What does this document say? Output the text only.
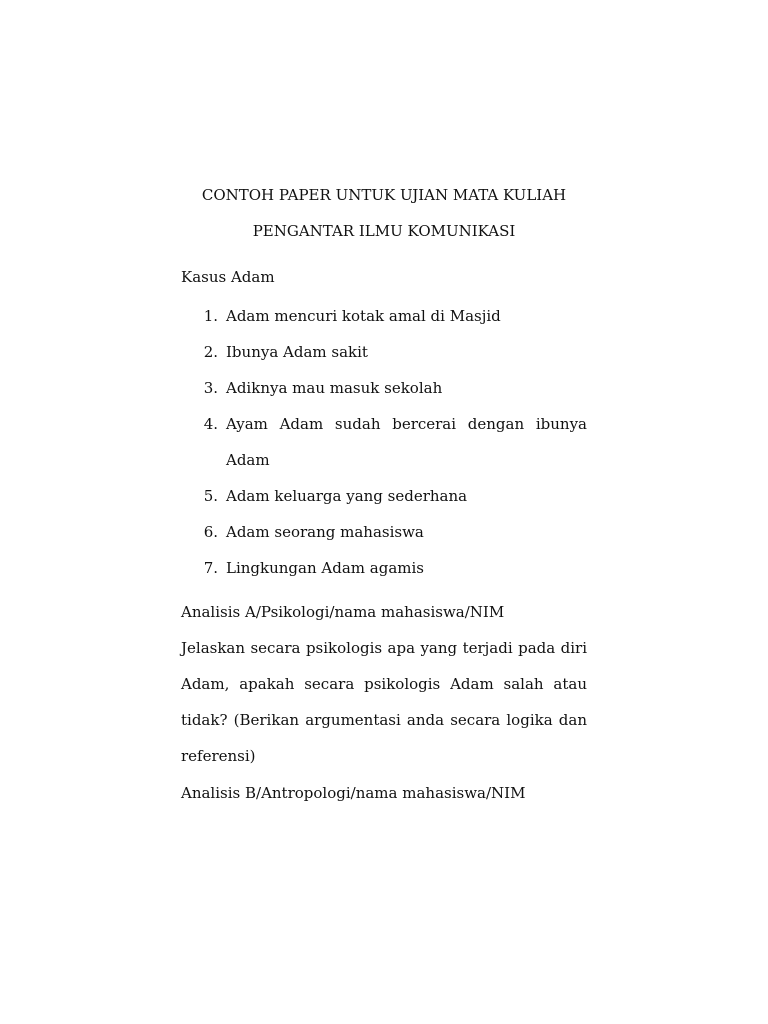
CONTOH PAPER UNTUK UJIAN MATA KULIAH

PENGANTAR ILMU KOMUNIKASI

Kasus Adam

1. Adam mencuri kotak amal di Masjid
2. Ibunya Adam sakit
3. Adiknya mau masuk sekolah
4. Ayam Adam sudah bercerai dengan ibunya
Adam
5. Adam keluarga yang sederhana
6. Adam seorang mahasiswa
7. Lingkungan Adam agamis

Analisis A/Psikologi/nama mahasiswa/NIM

Jelaskan secara psikologis apa yang terjadi pada diri
Adam, apakah secara psikologis Adam salah atau
tidak? (Berikan argumentasi anda secara logika dan
referensi)

Analisis B/Antropologi/nama mahasiswa/NIM
